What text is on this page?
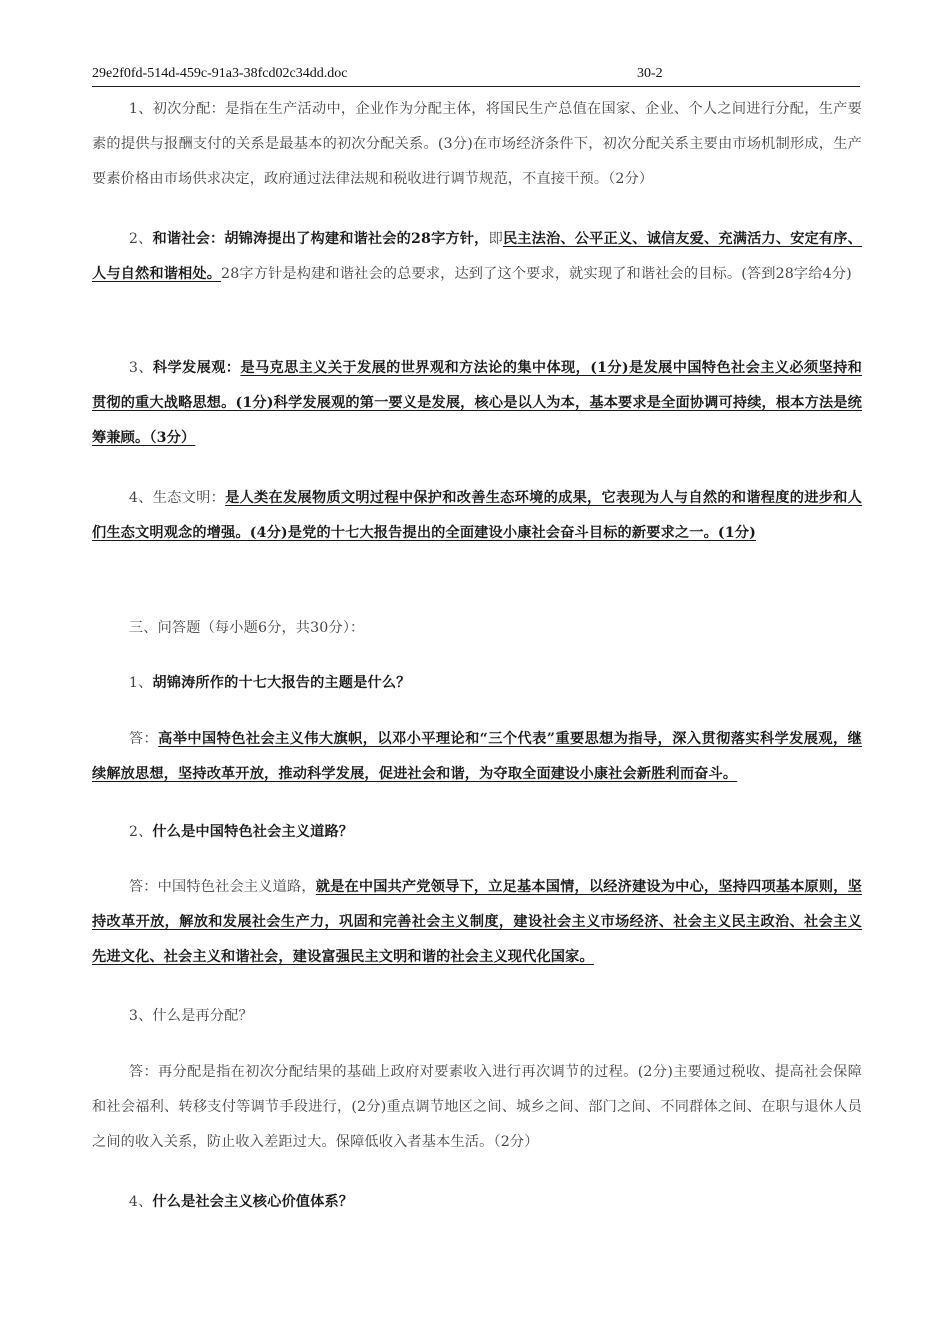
29e2f0fd-514d-459c-91a3-38fcd02c34dd.doc	30-2

1、初次分配：是指在生产活动中，企业作为分配主体，将国民生产总值在国家、企业、个人之间进行分配，生产要素的提供与报酬支付的关系是最基本的初次分配关系。(3分)在市场经济条件下，初次分配关系主要由市场机制形成，生产要素价格由市场供求决定，政府通过法律法规和税收进行调节规范，不直接干预。（2分）

2、和谐社会：胡锦涛提出了构建和谐社会的28字方针，即民主法治、公平正义、诚信友爱、充满活力、安定有序、人与自然和谐相处。28字方针是构建和谐社会的总要求，达到了这个要求，就实现了和谐社会的目标。(答到28字给4分)

3、科学发展观：是马克思主义关于发展的世界观和方法论的集中体现，(1分)是发展中国特色社会主义必须坚持和贯彻的重大战略思想。(1分)科学发展观的第一要义是发展，核心是以人为本，基本要求是全面协调可持续，根本方法是统筹兼顾。（3分）

4、生态文明：是人类在发展物质文明过程中保护和改善生态环境的成果，它表现为人与自然的和谐程度的进步和人们生态文明观念的增强。(4分)是党的十七大报告提出的全面建设小康社会奋斗目标的新要求之一。(1分)

三、问答题（每小题6分，共30分）：

1、胡锦涛所作的十七大报告的主题是什么？

答：高举中国特色社会主义伟大旗帜，以邓小平理论和“三个代表”重要思想为指导，深入贯彻落实科学发展观，继续解放思想，坚持改革开放，推动科学发展，促进社会和谐，为夺取全面建设小康社会新胜利而奋斗。

2、什么是中国特色社会主义道路？

答：中国特色社会主义道路，就是在中国共产党领导下，立足基本国情，以经济建设为中心，坚持四项基本原则，坚持改革开放，解放和发展社会生产力，巩固和完善社会主义制度，建设社会主义市场经济、社会主义民主政治、社会主义先进文化、社会主义和谐社会，建设富强民主文明和谐的社会主义现代化国家。

3、什么是再分配？

答：再分配是指在初次分配结果的基础上政府对要素收入进行再次调节的过程。(2分)主要通过税收、提高社会保障和社会福利、转移支付等调节手段进行，(2分)重点调节地区之间、城乡之间、部门之间、不同群体之间、在职与退休人员之间的收入关系，防止收入差距过大。保障低收入者基本生活。（2分）

4、什么是社会主义核心价值体系？
